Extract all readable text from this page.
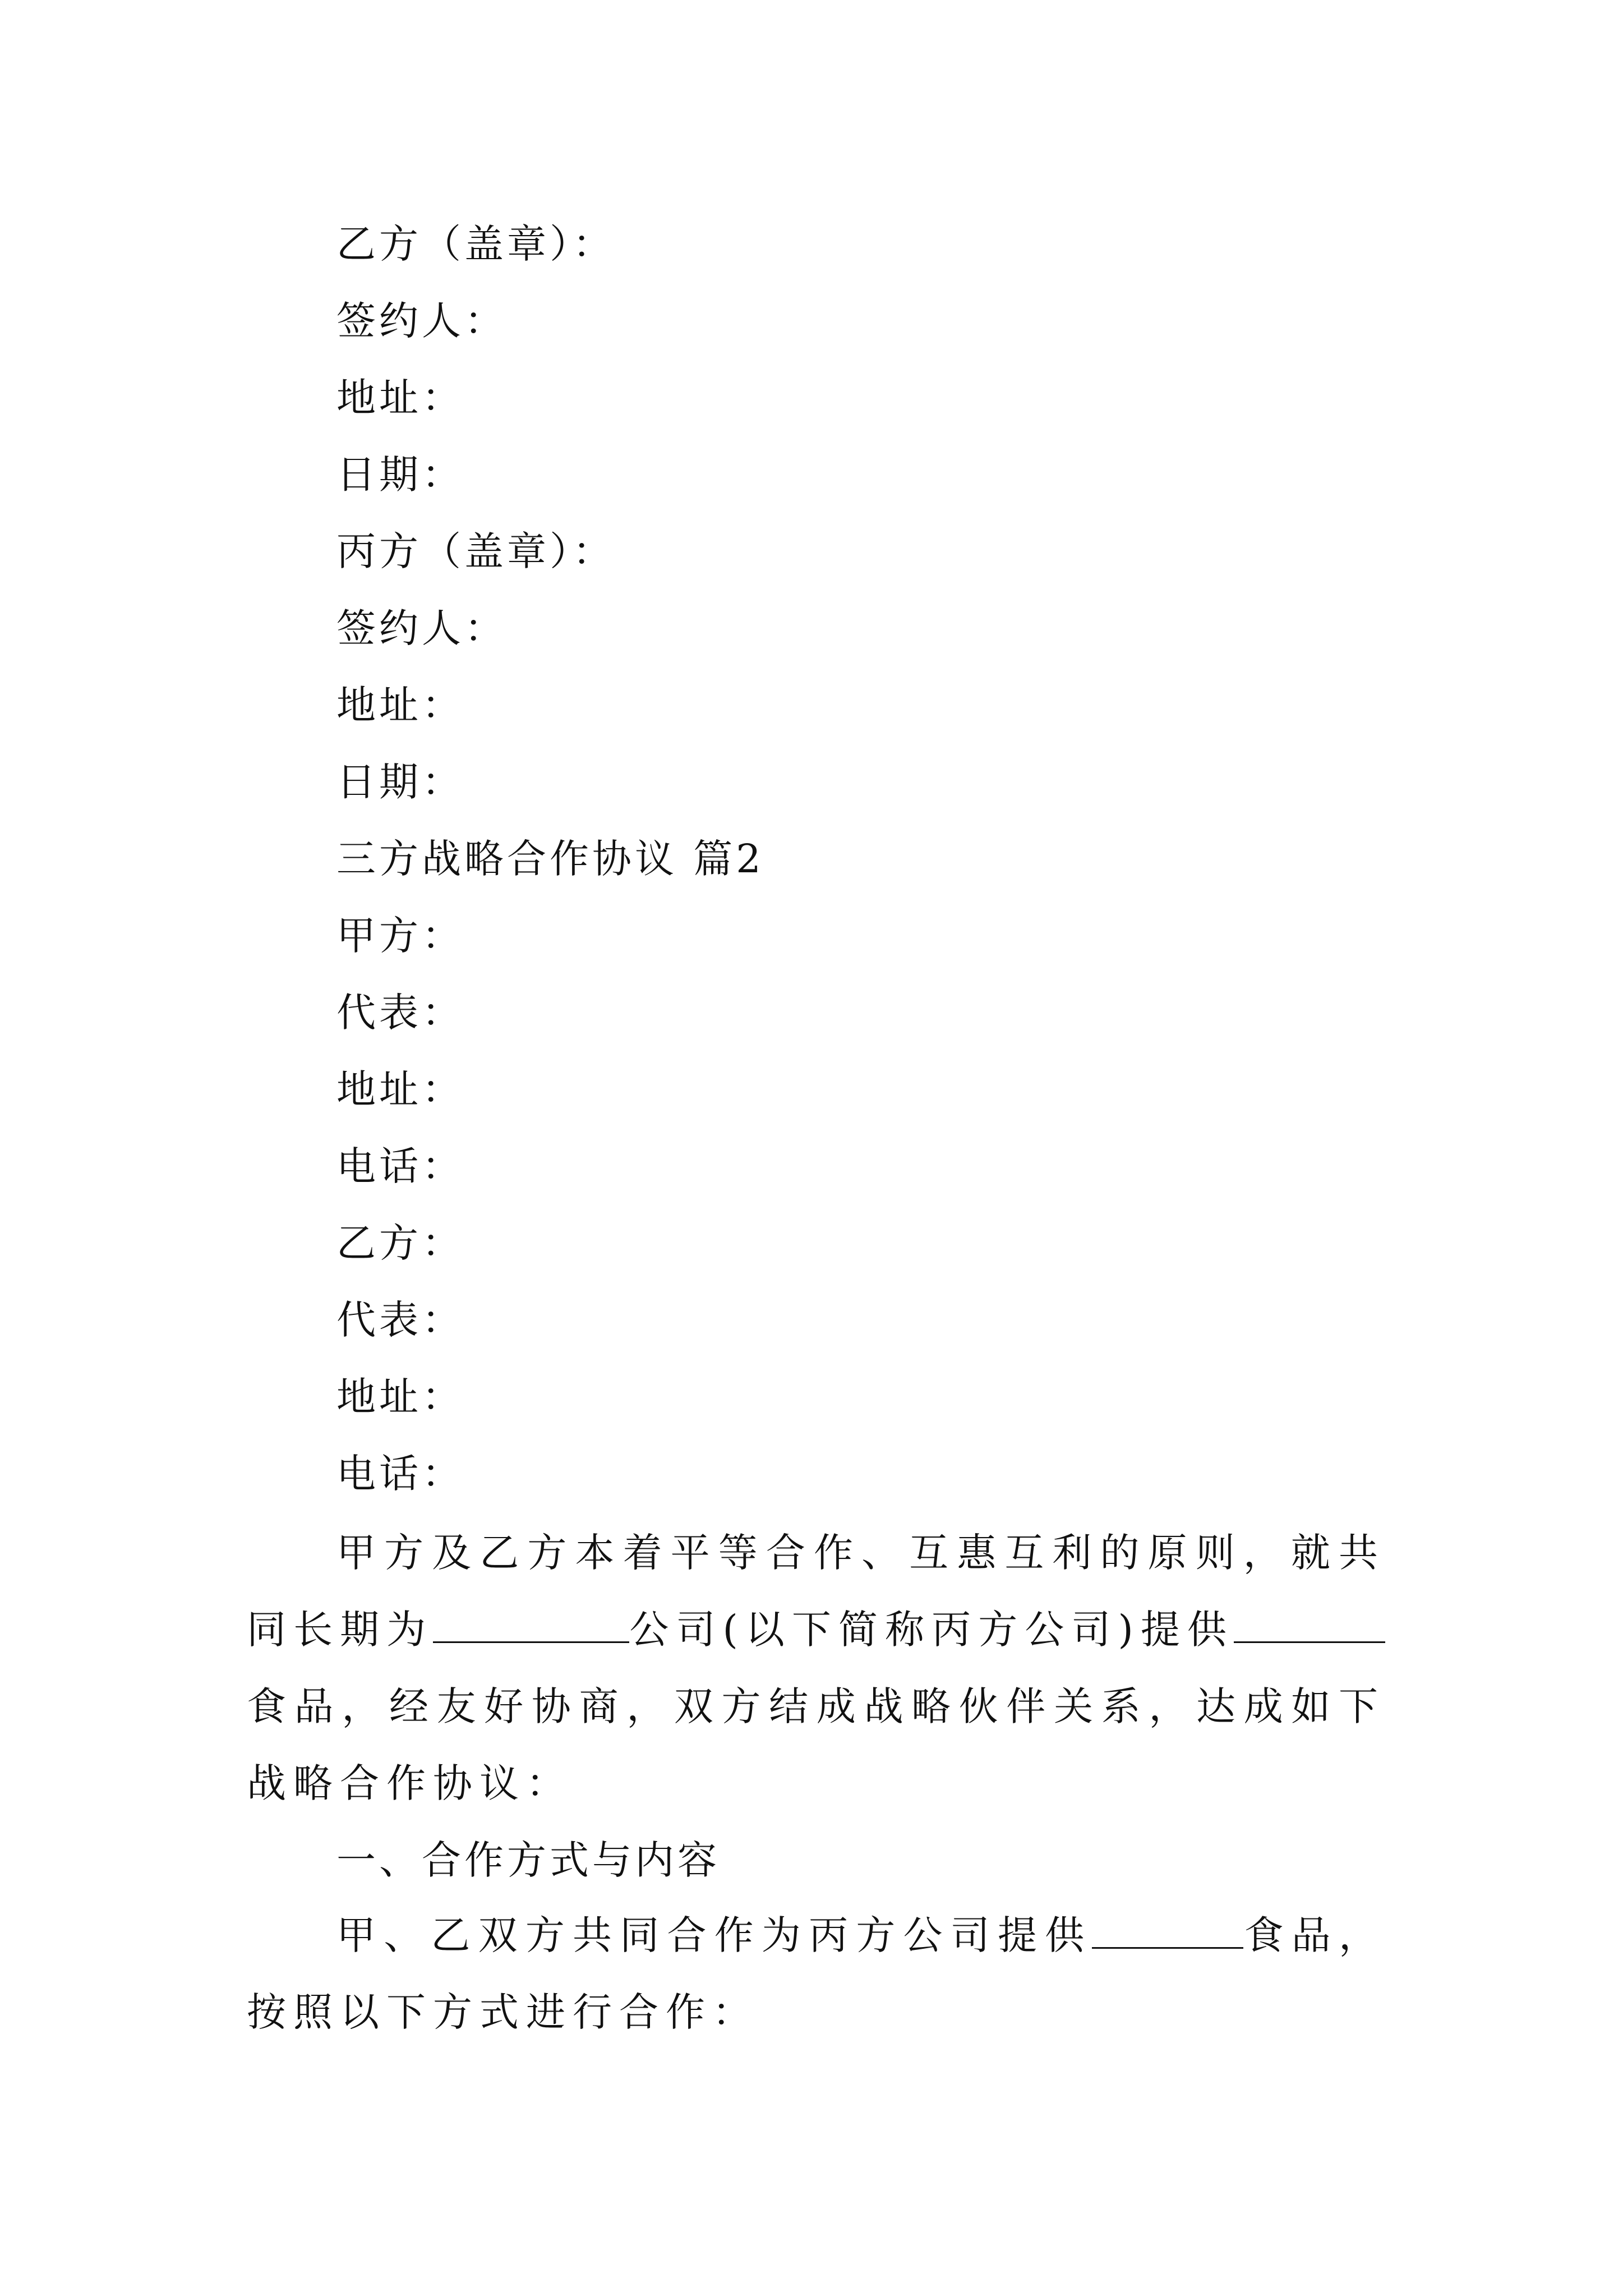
乙方（盖章）：
签约人：
地址：
日期：
丙方（盖章）：
签约人：
地址：
日期：
三方战略合作协议 篇2
甲方：
代表：
地址：
电话：
乙方：
代表：
地址：
电话：

甲方及乙方本着平等合作、互惠互利的原则，就共同长期为	公司(以下简称丙方公司)提供食品，经友好协商，双方结成战略伙伴关系，达成如下战略合作协议：

一、合作方式与内容

甲、乙双方共同合作为丙方公司提供	食品，按照以下方式进行合作：
